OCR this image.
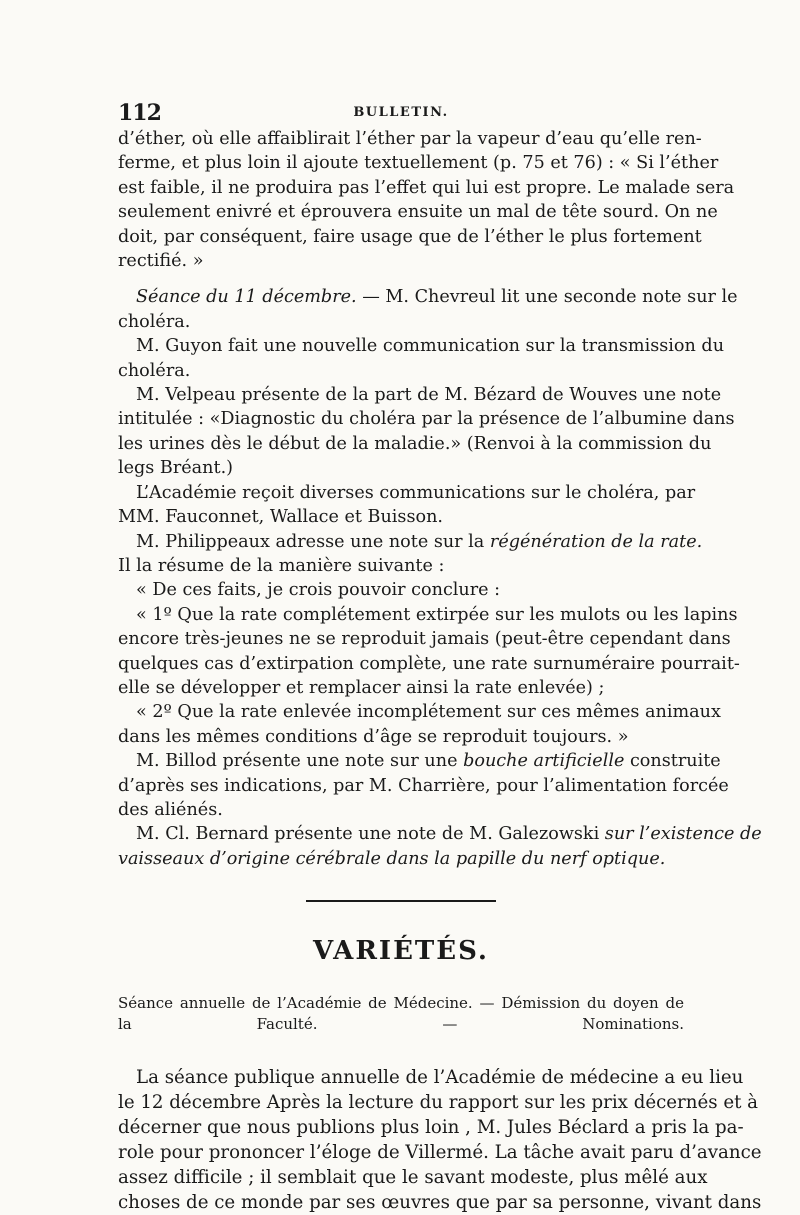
112	BULLETIN.

d’éther, où elle affaiblirait l’éther par la vapeur d’eau qu’elle ren-

ferme, et plus loin il ajoute textuellement (p. 75 et 76) : « Si l’éther

est faible, il ne produira pas l’effet qui lui est propre. Le malade sera

seulement enivré et éprouvera ensuite un mal de tête sourd. On ne

doit, par conséquent, faire usage que de l’éther le plus fortement

rectifié. »

Séance du 11 décembre. — M. Chevreul lit une seconde note sur le

choléra.

M. Guyon fait une nouvelle communication sur la transmission du

choléra.

M. Velpeau présente de la part de M. Bézard de Wouves une note

intitulée : «Diagnostic du choléra par la présence de l’albumine dans

les urines dès le début de la maladie.» (Renvoi à la commission du

legs Bréant.)

L’Académie reçoit diverses communications sur le choléra, par

MM. Fauconnet, Wallace et Buisson.

M. Philippeaux adresse une note sur la régénération de la rate.

Il la résume de la manière suivante :

« De ces faits, je crois pouvoir conclure :

« 1º Que la rate complétement extirpée sur les mulots ou les lapins

encore très-jeunes ne se reproduit jamais (peut-être cependant dans

quelques cas d’extirpation complète, une rate surnuméraire pourrait-

elle se développer et remplacer ainsi la rate enlevée) ;

« 2º Que la rate enlevée incomplétement sur ces mêmes animaux

dans les mêmes conditions d’âge se reproduit toujours. »

M. Billod présente une note sur une bouche artificielle construite

d’après ses indications, par M. Charrière, pour l’alimentation forcée

des aliénés.

M. Cl. Bernard présente une note de M. Galezowski sur l’existence de

vaisseaux d’origine cérébrale dans la papille du nerf optique.

VARIÉTÉS.

Séance annuelle de l’Académie de Médecine. — Démission du doyen de

la Faculté. — Nominations.

La séance publique annuelle de l’Académie de médecine a eu lieu

le 12 décembre Après la lecture du rapport sur les prix décernés et à

décerner que nous publions plus loin , M. Jules Béclard a pris la pa-

role pour prononcer l’éloge de Villermé. La tâche avait paru d’avance

assez difficile ; il semblait que le savant modeste, plus mêlé aux

choses de ce monde par ses œuvres que par sa personne, vivant dans
